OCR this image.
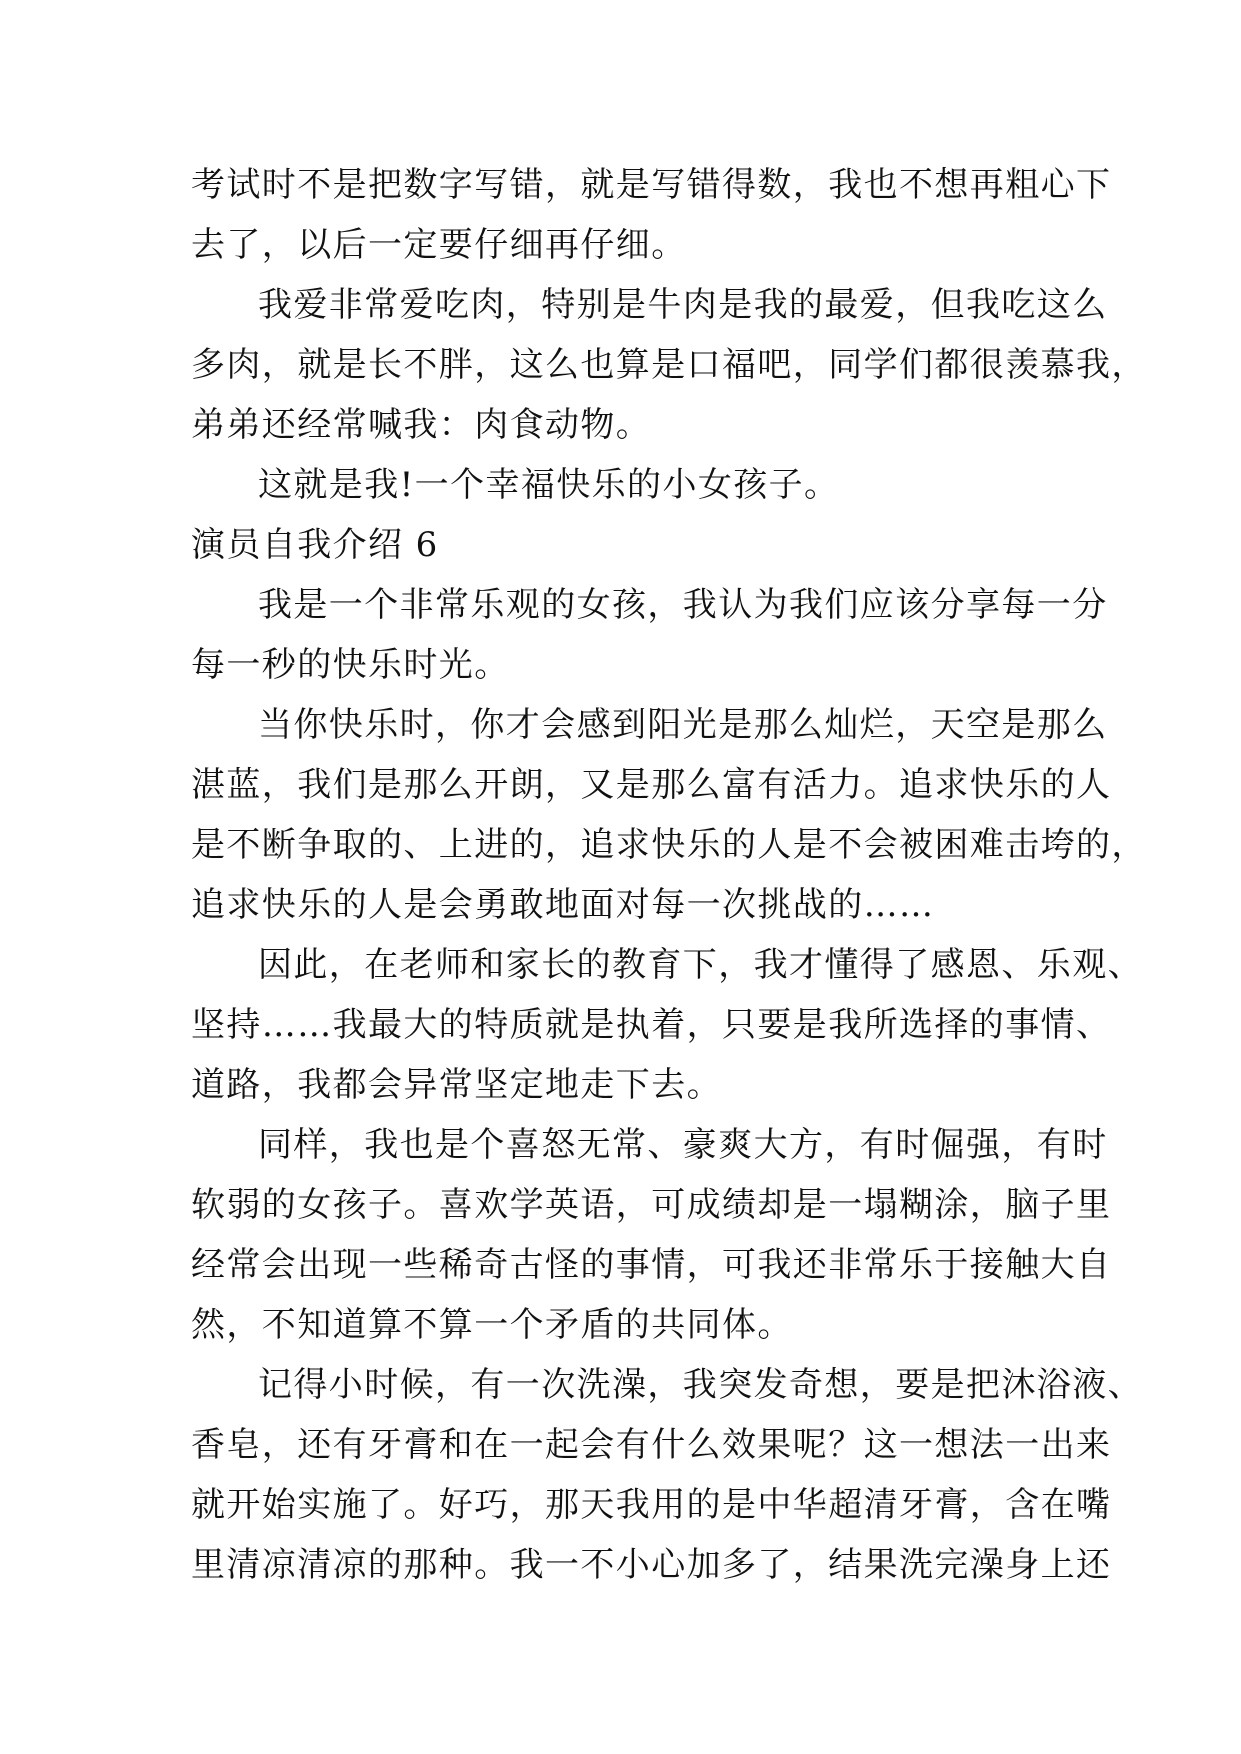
考试时不是把数字写错，就是写错得数，我也不想再粗心下
去了，以后一定要仔细再仔细。
我爱非常爱吃肉，特别是牛肉是我的最爱，但我吃这么
多肉，就是长不胖，这么也算是口福吧，同学们都很羡慕我，
弟弟还经常喊我：肉食动物。
这就是我!一个幸福快乐的小女孩子。
演员自我介绍 6
我是一个非常乐观的女孩，我认为我们应该分享每一分
每一秒的快乐时光。
当你快乐时，你才会感到阳光是那么灿烂，天空是那么
湛蓝，我们是那么开朗，又是那么富有活力。追求快乐的人
是不断争取的、上进的，追求快乐的人是不会被困难击垮的，
追求快乐的人是会勇敢地面对每一次挑战的……
因此，在老师和家长的教育下，我才懂得了感恩、乐观、
坚持……我最大的特质就是执着，只要是我所选择的事情、
道路，我都会异常坚定地走下去。
同样，我也是个喜怒无常、豪爽大方，有时倔强，有时
软弱的女孩子。喜欢学英语，可成绩却是一塌糊涂，脑子里
经常会出现一些稀奇古怪的事情，可我还非常乐于接触大自
然，不知道算不算一个矛盾的共同体。
记得小时候，有一次洗澡，我突发奇想，要是把沐浴液、
香皂，还有牙膏和在一起会有什么效果呢？这一想法一出来
就开始实施了。好巧，那天我用的是中华超清牙膏，含在嘴
里清凉清凉的那种。我一不小心加多了，结果洗完澡身上还
